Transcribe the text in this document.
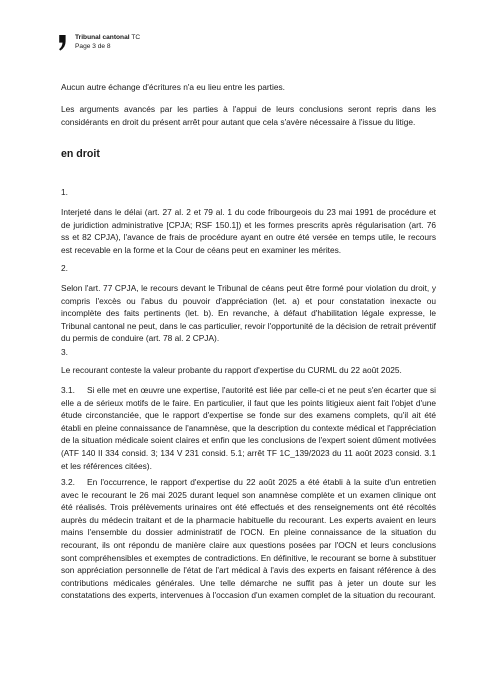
Tribunal cantonal TC
Page 3 de 8

Aucun autre échange d'écritures n'a eu lieu entre les parties.

Les arguments avancés par les parties à l'appui de leurs conclusions seront repris dans les considérants en droit du présent arrêt pour autant que cela s'avère nécessaire à l'issue du litige.

en droit
1.

Interjeté dans le délai (art. 27 al. 2 et 79 al. 1 du code fribourgeois du 23 mai 1991 de procédure et de juridiction administrative [CPJA; RSF 150.1]) et les formes prescrits après régularisation (art. 76 ss et 82 CPJA), l'avance de frais de procédure ayant en outre été versée en temps utile, le recours est recevable en la forme et la Cour de céans peut en examiner les mérites.

2.

Selon l'art. 77 CPJA, le recours devant le Tribunal de céans peut être formé pour violation du droit, y compris l'excès ou l'abus du pouvoir d'appréciation (let. a) et pour constatation inexacte ou incomplète des faits pertinents (let. b). En revanche, à défaut d'habilitation légale expresse, le Tribunal cantonal ne peut, dans le cas particulier, revoir l'opportunité de la décision de retrait préventif du permis de conduire (art. 78 al. 2 CPJA).

3.

Le recourant conteste la valeur probante du rapport d'expertise du CURML du 22 août 2025.

3.1.	Si elle met en œuvre une expertise, l'autorité est liée par celle-ci et ne peut s'en écarter que si elle a de sérieux motifs de le faire. En particulier, il faut que les points litigieux aient fait l'objet d'une étude circonstanciée, que le rapport d'expertise se fonde sur des examens complets, qu'il ait été établi en pleine connaissance de l'anamnèse, que la description du contexte médical et l'appréciation de la situation médicale soient claires et enfin que les conclusions de l'expert soient dûment motivées (ATF 140 II 334 consid. 3; 134 V 231 consid. 5.1; arrêt TF 1C_139/2023 du 11 août 2023 consid. 3.1 et les références citées).

3.2.	En l'occurrence, le rapport d'expertise du 22 août 2025 a été établi à la suite d'un entretien avec le recourant le 26 mai 2025 durant lequel son anamnèse complète et un examen clinique ont été réalisés. Trois prélèvements urinaires ont été effectués et des renseignements ont été récoltés auprès du médecin traitant et de la pharmacie habituelle du recourant. Les experts avaient en leurs mains l'ensemble du dossier administratif de l'OCN. En pleine connaissance de la situation du recourant, ils ont répondu de manière claire aux questions posées par l'OCN et leurs conclusions sont compréhensibles et exemptes de contradictions. En définitive, le recourant se borne à substituer son appréciation personnelle de l'état de l'art médical à l'avis des experts en faisant référence à des contributions médicales générales. Une telle démarche ne suffit pas à jeter un doute sur les constatations des experts, intervenues à l'occasion d'un examen complet de la situation du recourant.
